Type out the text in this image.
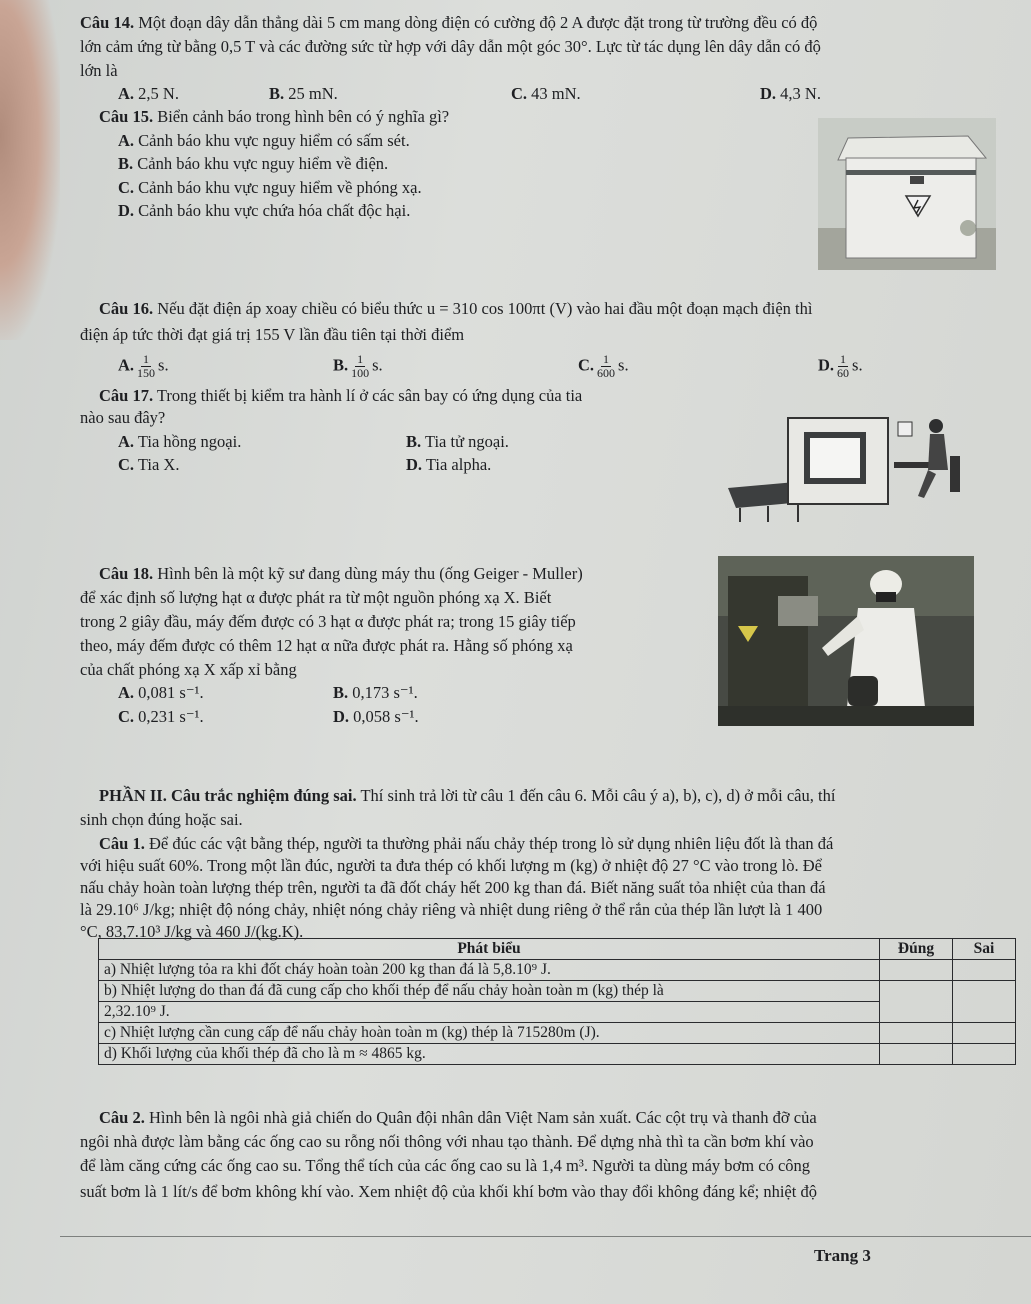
Câu 14. Một đoạn dây dẫn thẳng dài 5 cm mang dòng điện có cường độ 2 A được đặt trong từ trường đều có độ
lớn cảm ứng từ bằng 0,5 T và các đường sức từ hợp với dây dẫn một góc 30°. Lực từ tác dụng lên dây dẫn có độ
lớn là
A. 2,5 N.	B. 25 mN.	C. 43 mN.	D. 4,3 N.
Câu 15. Biển cảnh báo trong hình bên có ý nghĩa gì?
A. Cảnh báo khu vực nguy hiểm có sấm sét.
B. Cảnh báo khu vực nguy hiểm về điện.
C. Cảnh báo khu vực nguy hiểm về phóng xạ.
D. Cảnh báo khu vực chứa hóa chất độc hại.
Câu 16. Nếu đặt điện áp xoay chiều có biểu thức u = 310 cos 100πt (V) vào hai đầu một đoạn mạch điện thì
điện áp tức thời đạt giá trị 155 V lần đầu tiên tại thời điểm
A. $\frac{1}{150} s$.	B. $\frac{1}{100} s$.	C. $\frac{1}{600} s$.	D. $\frac{1}{60} s$.
Câu 17. Trong thiết bị kiểm tra hành lí ở các sân bay có ứng dụng của tia
nào sau đây?
A. Tia hồng ngoại.	B. Tia tử ngoại.
C. Tia X.	D. Tia alpha.
Câu 18. Hình bên là một kỹ sư đang dùng máy thu (ống Geiger - Muller)
để xác định số lượng hạt α được phát ra từ một nguồn phóng xạ X. Biết
trong 2 giây đầu, máy đếm được có 3 hạt α được phát ra; trong 15 giây tiếp
theo, máy đếm được có thêm 12 hạt α nữa được phát ra. Hằng số phóng xạ
của chất phóng xạ X xấp xỉ bằng
A. 0,081 s⁻¹.	B. 0,173 s⁻¹.
C. 0,231 s⁻¹.	D. 0,058 s⁻¹.
PHẦN II. Câu trắc nghiệm đúng sai. Thí sinh trả lời từ câu 1 đến câu 6. Mỗi câu ý a), b), c), d) ở mỗi câu, thí
sinh chọn đúng hoặc sai.
Câu 1. Để đúc các vật bằng thép, người ta thường phải nấu chảy thép trong lò sử dụng nhiên liệu đốt là than đá
với hiệu suất 60%. Trong một lần đúc, người ta đưa thép có khối lượng m (kg) ở nhiệt độ 27 °C vào trong lò. Để
nấu chảy hoàn toàn lượng thép trên, người ta đã đốt cháy hết 200 kg than đá. Biết năng suất tỏa nhiệt của than đá
là 29.10⁶ J/kg; nhiệt độ nóng chảy, nhiệt nóng chảy riêng và nhiệt dung riêng ở thể rắn của thép lần lượt là 1 400
°C, 83,7.10³ J/kg và 460 J/(kg.K).
Phát biểu	Đúng	Sai
a) Nhiệt lượng tỏa ra khi đốt cháy hoàn toàn 200 kg than đá là 5,8.10⁹ J.		
b) Nhiệt lượng do than đá đã cung cấp cho khối thép để nấu chảy hoàn toàn m (kg) thép là		
2,32.10⁹ J.		
c) Nhiệt lượng cần cung cấp để nấu chảy hoàn toàn m (kg) thép là 715280m (J).		
d) Khối lượng của khối thép đã cho là m ≈ 4865 kg.		
Câu 2. Hình bên là ngôi nhà giả chiến do Quân đội nhân dân Việt Nam sản xuất. Các cột trụ và thanh đỡ của
ngôi nhà được làm bằng các ống cao su rỗng nối thông với nhau tạo thành. Để dựng nhà thì ta cần bơm khí vào
để làm căng cứng các ống cao su. Tổng thể tích của các ống cao su là 1,4 m³. Người ta dùng máy bơm có công
suất bơm là 1 lít/s để bơm không khí vào. Xem nhiệt độ của khối khí bơm vào thay đổi không đáng kể; nhiệt độ
Trang 3
